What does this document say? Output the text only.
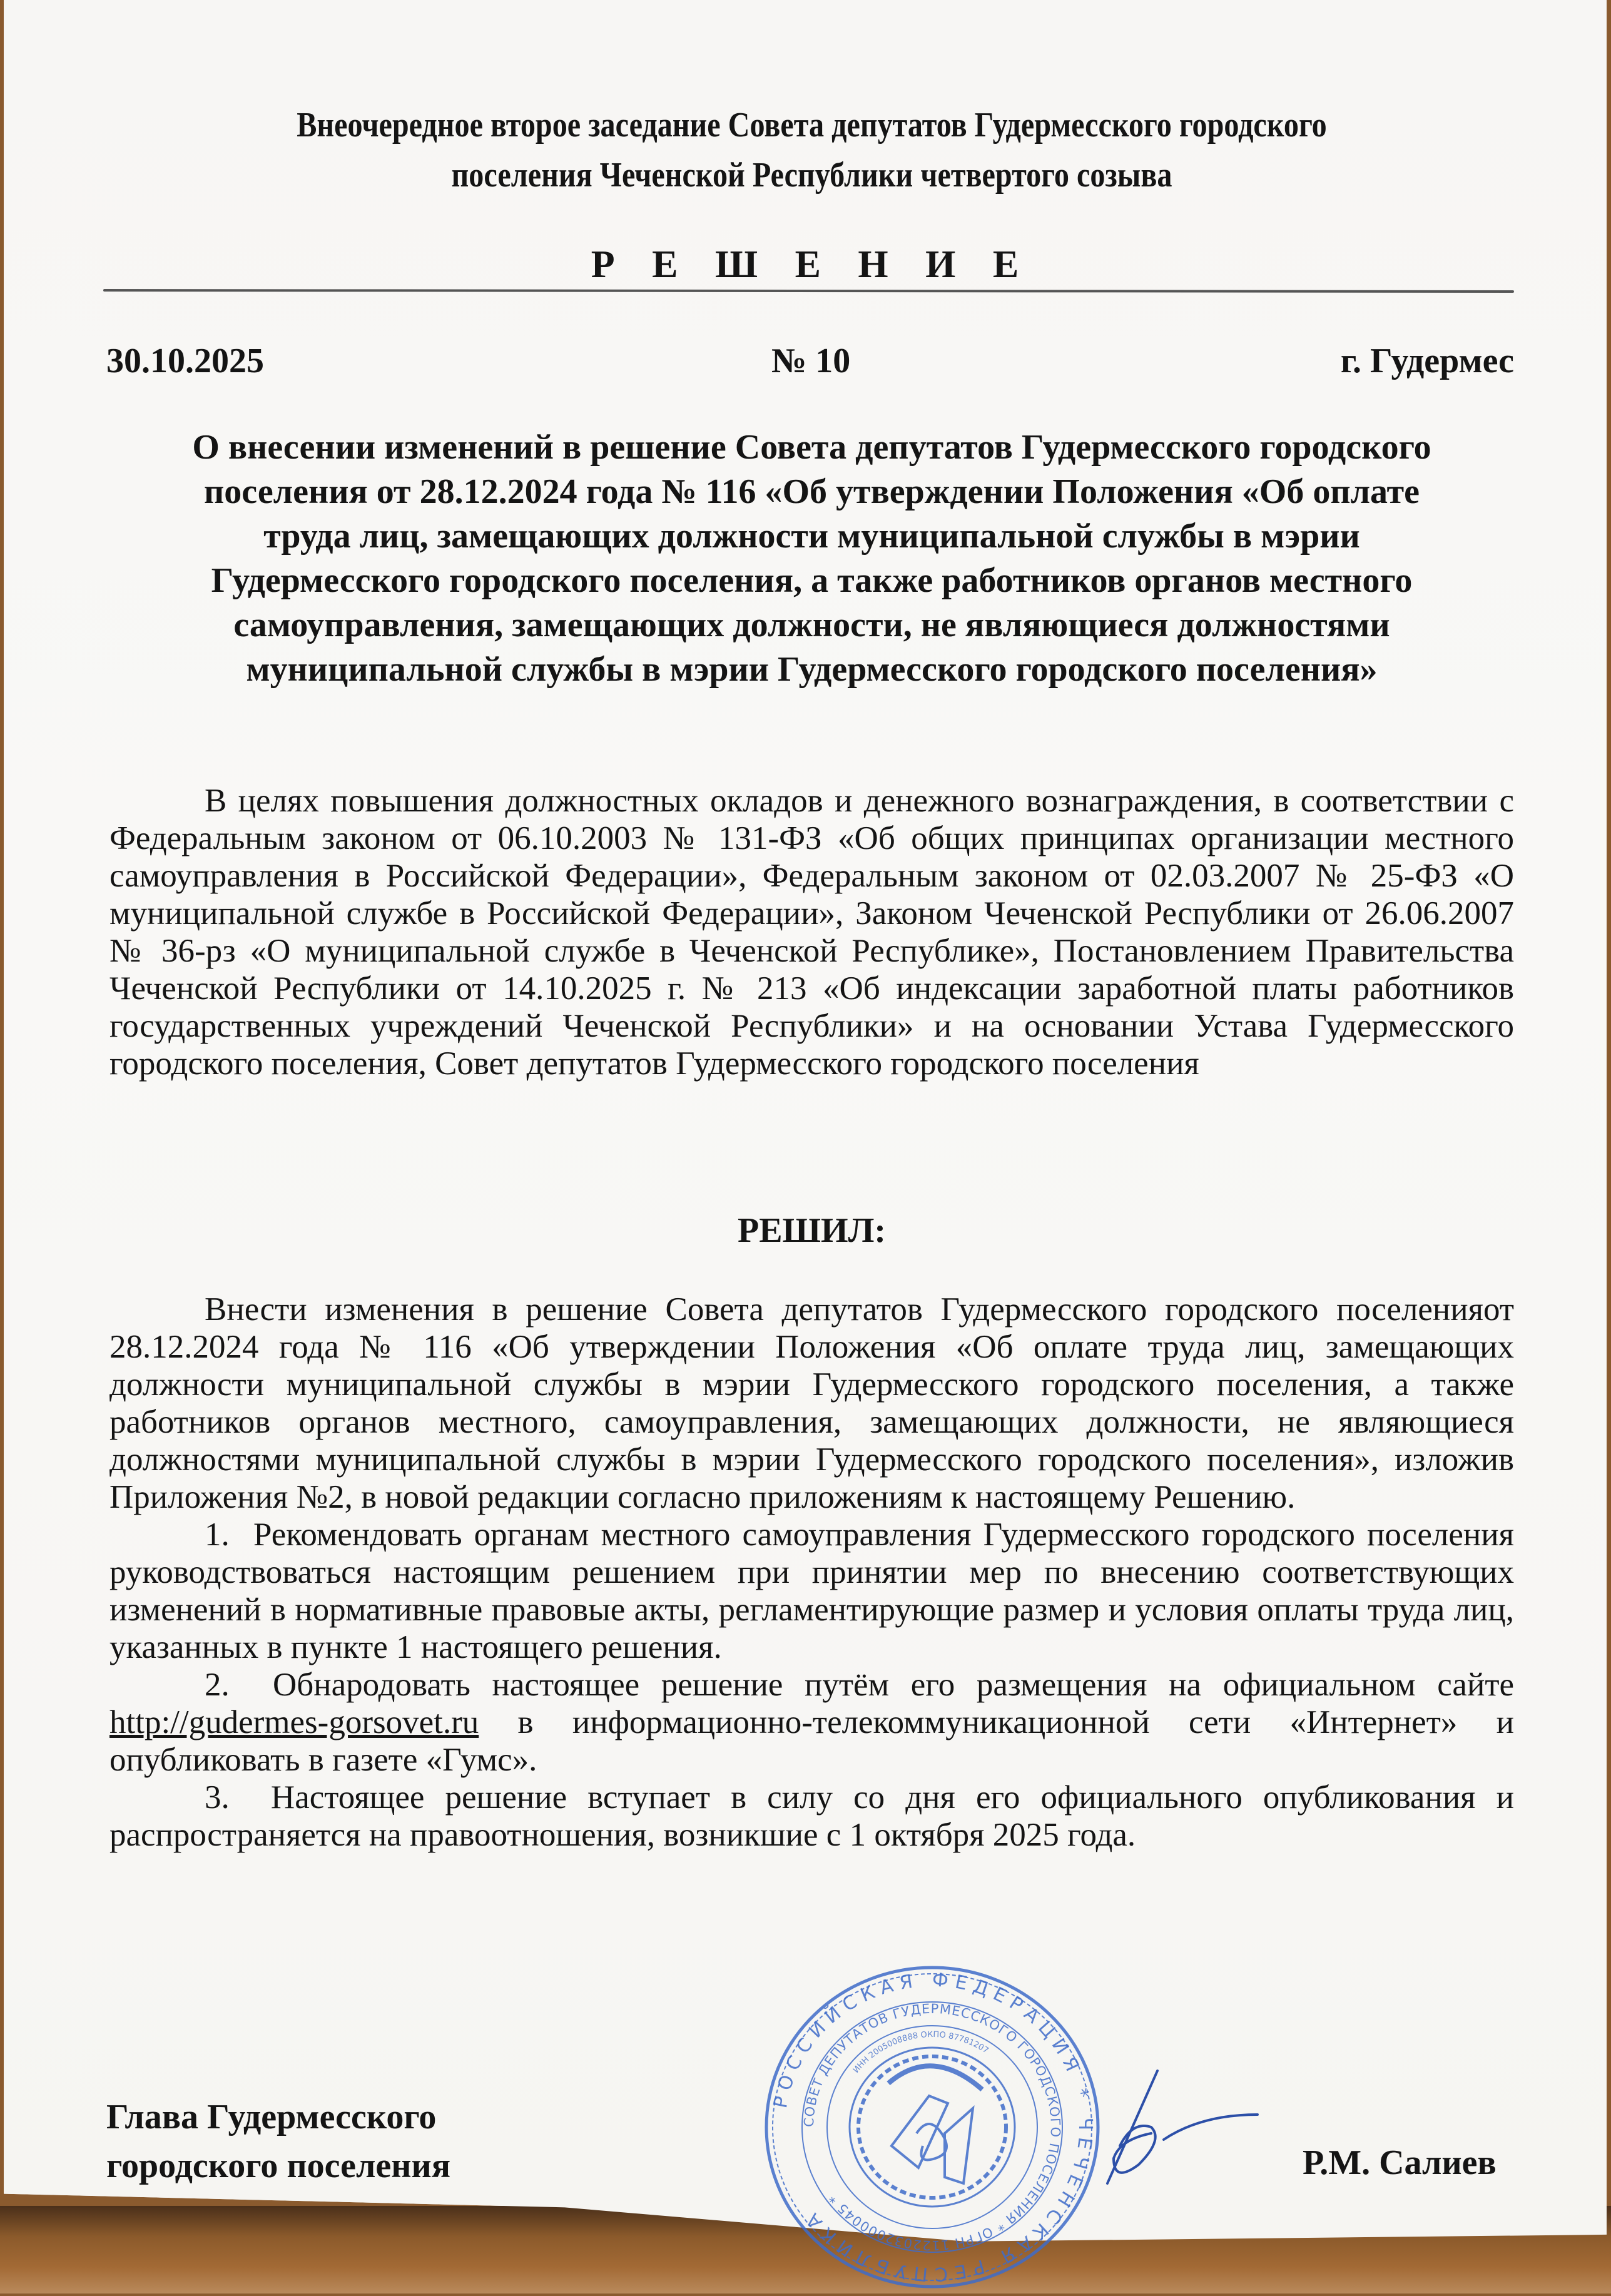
Внеочередное второе заседание Совета депутатов Гудермесского городского
поселения Чеченской Республики четвертого созыва
Р Е Ш Е Н И Е
30.10.2025	№ 10	г. Гудермес
О внесении изменений в решение Совета депутатов Гудермесского городского
поселения от 28.12.2024 года № 116 «Об утверждении Положения «Об оплате
труда лиц, замещающих должности муниципальной службы в мэрии
Гудермесского городского поселения, а также работников органов местного
самоуправления, замещающих должности, не являющиеся должностями
муниципальной службы в мэрии Гудермесского городского поселения»

В целях повышения должностных окладов и денежного вознаграждения, в соответствии с Федеральным законом от 06.10.2003 № 131-ФЗ «Об общих принципах организации местного самоуправления в Российской Федерации», Федеральным законом от 02.03.2007 № 25-ФЗ «О муниципальной службе в Российской Федерации», Законом Чеченской Республики от 26.06.2007 № 36-рз «О муниципальной службе в Чеченской Республике», Постановлением Правительства Чеченской Республики от 14.10.2025 г. № 213 «Об индексации заработной платы работников государственных учреждений Чеченской Республики» и на основании Устава Гудермесского городского поселения, Совет депутатов Гудермесского городского поселения

РЕШИЛ:

Внести изменения в решение Совета депутатов Гудермесского городского поселенияот 28.12.2024 года № 116 «Об утверждении Положения «Об оплате труда лиц, замещающих должности муниципальной службы в мэрии Гудермесского городского поселения, а также работников органов местного, самоуправления, замещающих должности, не являющиеся должностями муниципальной службы в мэрии Гудермесского городского поселения», изложив Приложения №2, в новой редакции согласно приложениям к настоящему Решению.

1. Рекомендовать органам местного самоуправления Гудермесского городского поселения руководствоваться настоящим решением при принятии мер по внесению соответствующих изменений в нормативные правовые акты, регламентирующие размер и условия оплаты труда лиц, указанных в пункте 1 настоящего решения.

2. Обнародовать настоящее решение путём его размещения на официальном сайте http://gudermes-gorsovet.ru в информационно-телекоммуникационной сети «Интернет» и опубликовать в газете «Гумс».

3. Настоящее решение вступает в силу со дня его официального опубликования и распространяется на правоотношения, возникшие с 1 октября 2025 года.

Глава Гудермесского
городского поселения	Р.М. Салиев
РОССИЙСКАЯ ФЕДЕРАЦИЯ * ЧЕЧЕНСКАЯ РЕСПУБЛИКА
СОВЕТ ДЕПУТАТОВ ГУДЕРМЕССКОГО ГОРОДСКОГО ПОСЕЛЕНИЯ * ОГРН 1122032000045 *
ИНН 2005008888 ОКПО 87781207
